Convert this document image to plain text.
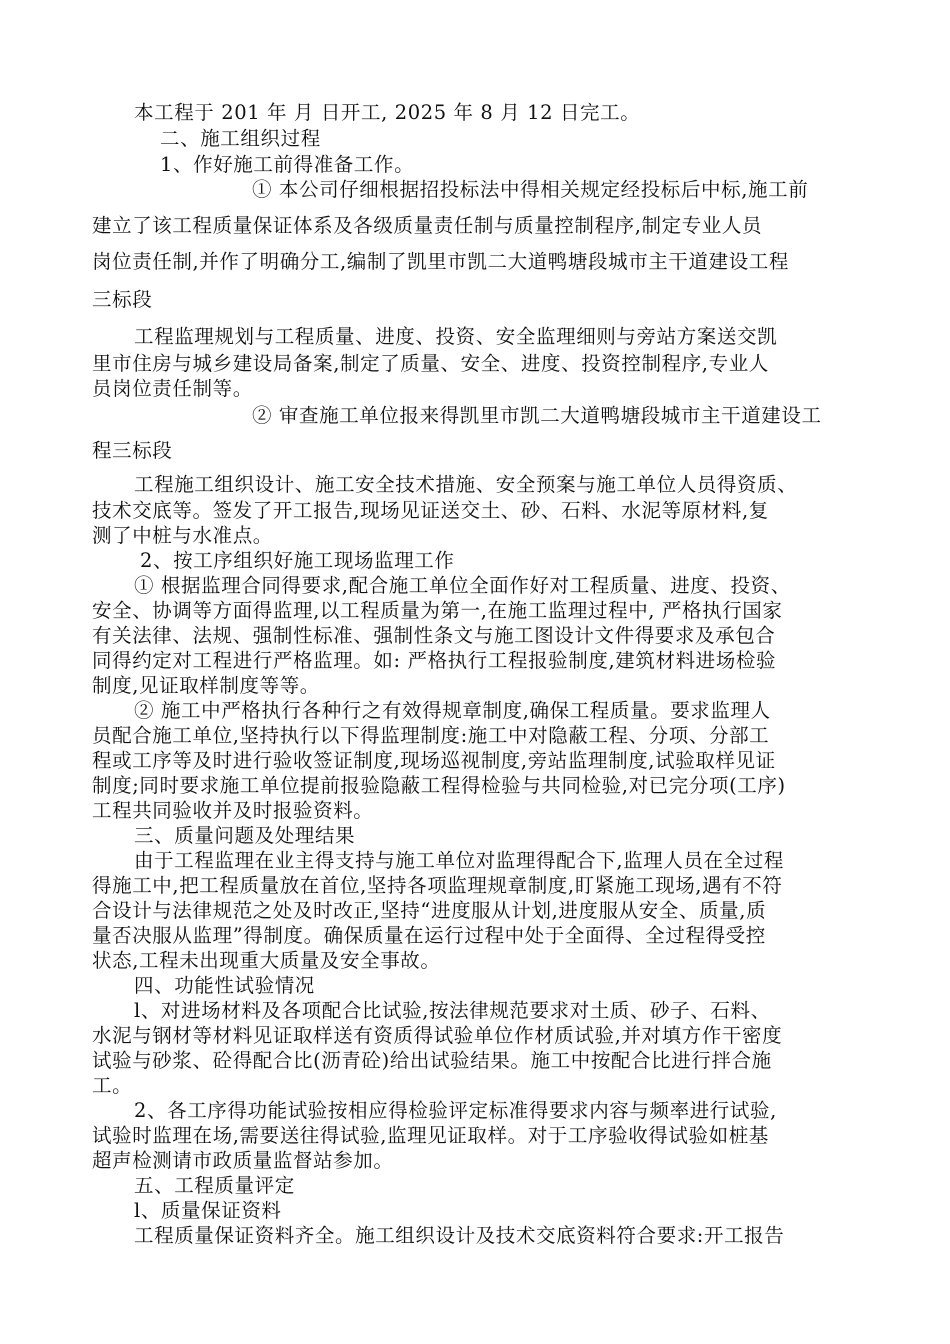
本工程于 201 年 月 日开工, 2025 年 8 月 12 日完工。
二、施工组织过程
1、作好施工前得准备工作。
① 本公司仔细根据招投标法中得相关规定经投标后中标,施工前
建立了该工程质量保证体系及各级质量责任制与质量控制程序,制定专业人员
岗位责任制,并作了明确分工,编制了凯里市凯二大道鸭塘段城市主干道建设工程
三标段
工程监理规划与工程质量、进度、投资、安全监理细则与旁站方案送交凯
里市住房与城乡建设局备案,制定了质量、安全、进度、投资控制程序,专业人
员岗位责任制等。
② 审查施工单位报来得凯里市凯二大道鸭塘段城市主干道建设工
程三标段
工程施工组织设计、施工安全技术措施、安全预案与施工单位人员得资质、
技术交底等。签发了开工报告,现场见证送交土、砂、石料、水泥等原材料,复
测了中桩与水准点。
2、按工序组织好施工现场监理工作
① 根据监理合同得要求,配合施工单位全面作好对工程质量、进度、投资、
安全、协调等方面得监理,以工程质量为第一,在施工监理过程中, 严格执行国家
有关法律、法规、强制性标准、强制性条文与施工图设计文件得要求及承包合
同得约定对工程进行严格监理。如: 严格执行工程报验制度,建筑材料进场检验
制度,见证取样制度等等。
② 施工中严格执行各种行之有效得规章制度,确保工程质量。要求监理人
员配合施工单位,坚持执行以下得监理制度:施工中对隐蔽工程、分项、分部工
程或工序等及时进行验收签证制度,现场巡视制度,旁站监理制度,试验取样见证
制度;同时要求施工单位提前报验隐蔽工程得检验与共同检验,对已完分项(工序)
工程共同验收并及时报验资料。
三、质量问题及处理结果
由于工程监理在业主得支持与施工单位对监理得配合下,监理人员在全过程
得施工中,把工程质量放在首位,坚持各项监理规章制度,盯紧施工现场,遇有不符
合设计与法律规范之处及时改正,坚持“进度服从计划,进度服从安全、质量,质
量否决服从监理”得制度。确保质量在运行过程中处于全面得、全过程得受控
状态,工程未出现重大质量及安全事故。
四、功能性试验情况
l、对进场材料及各项配合比试验,按法律规范要求对土质、砂子、石料、
水泥与钢材等材料见证取样送有资质得试验单位作材质试验,并对填方作干密度
试验与砂浆、砼得配合比(沥青砼)给出试验结果。施工中按配合比进行拌合施
工。
2、各工序得功能试验按相应得检验评定标准得要求内容与频率进行试验,
试验时监理在场,需要送往得试验,监理见证取样。对于工序验收得试验如桩基
超声检测请市政质量监督站参加。
五、工程质量评定
l、质量保证资料
工程质量保证资料齐全。施工组织设计及技术交底资料符合要求:开工报告
